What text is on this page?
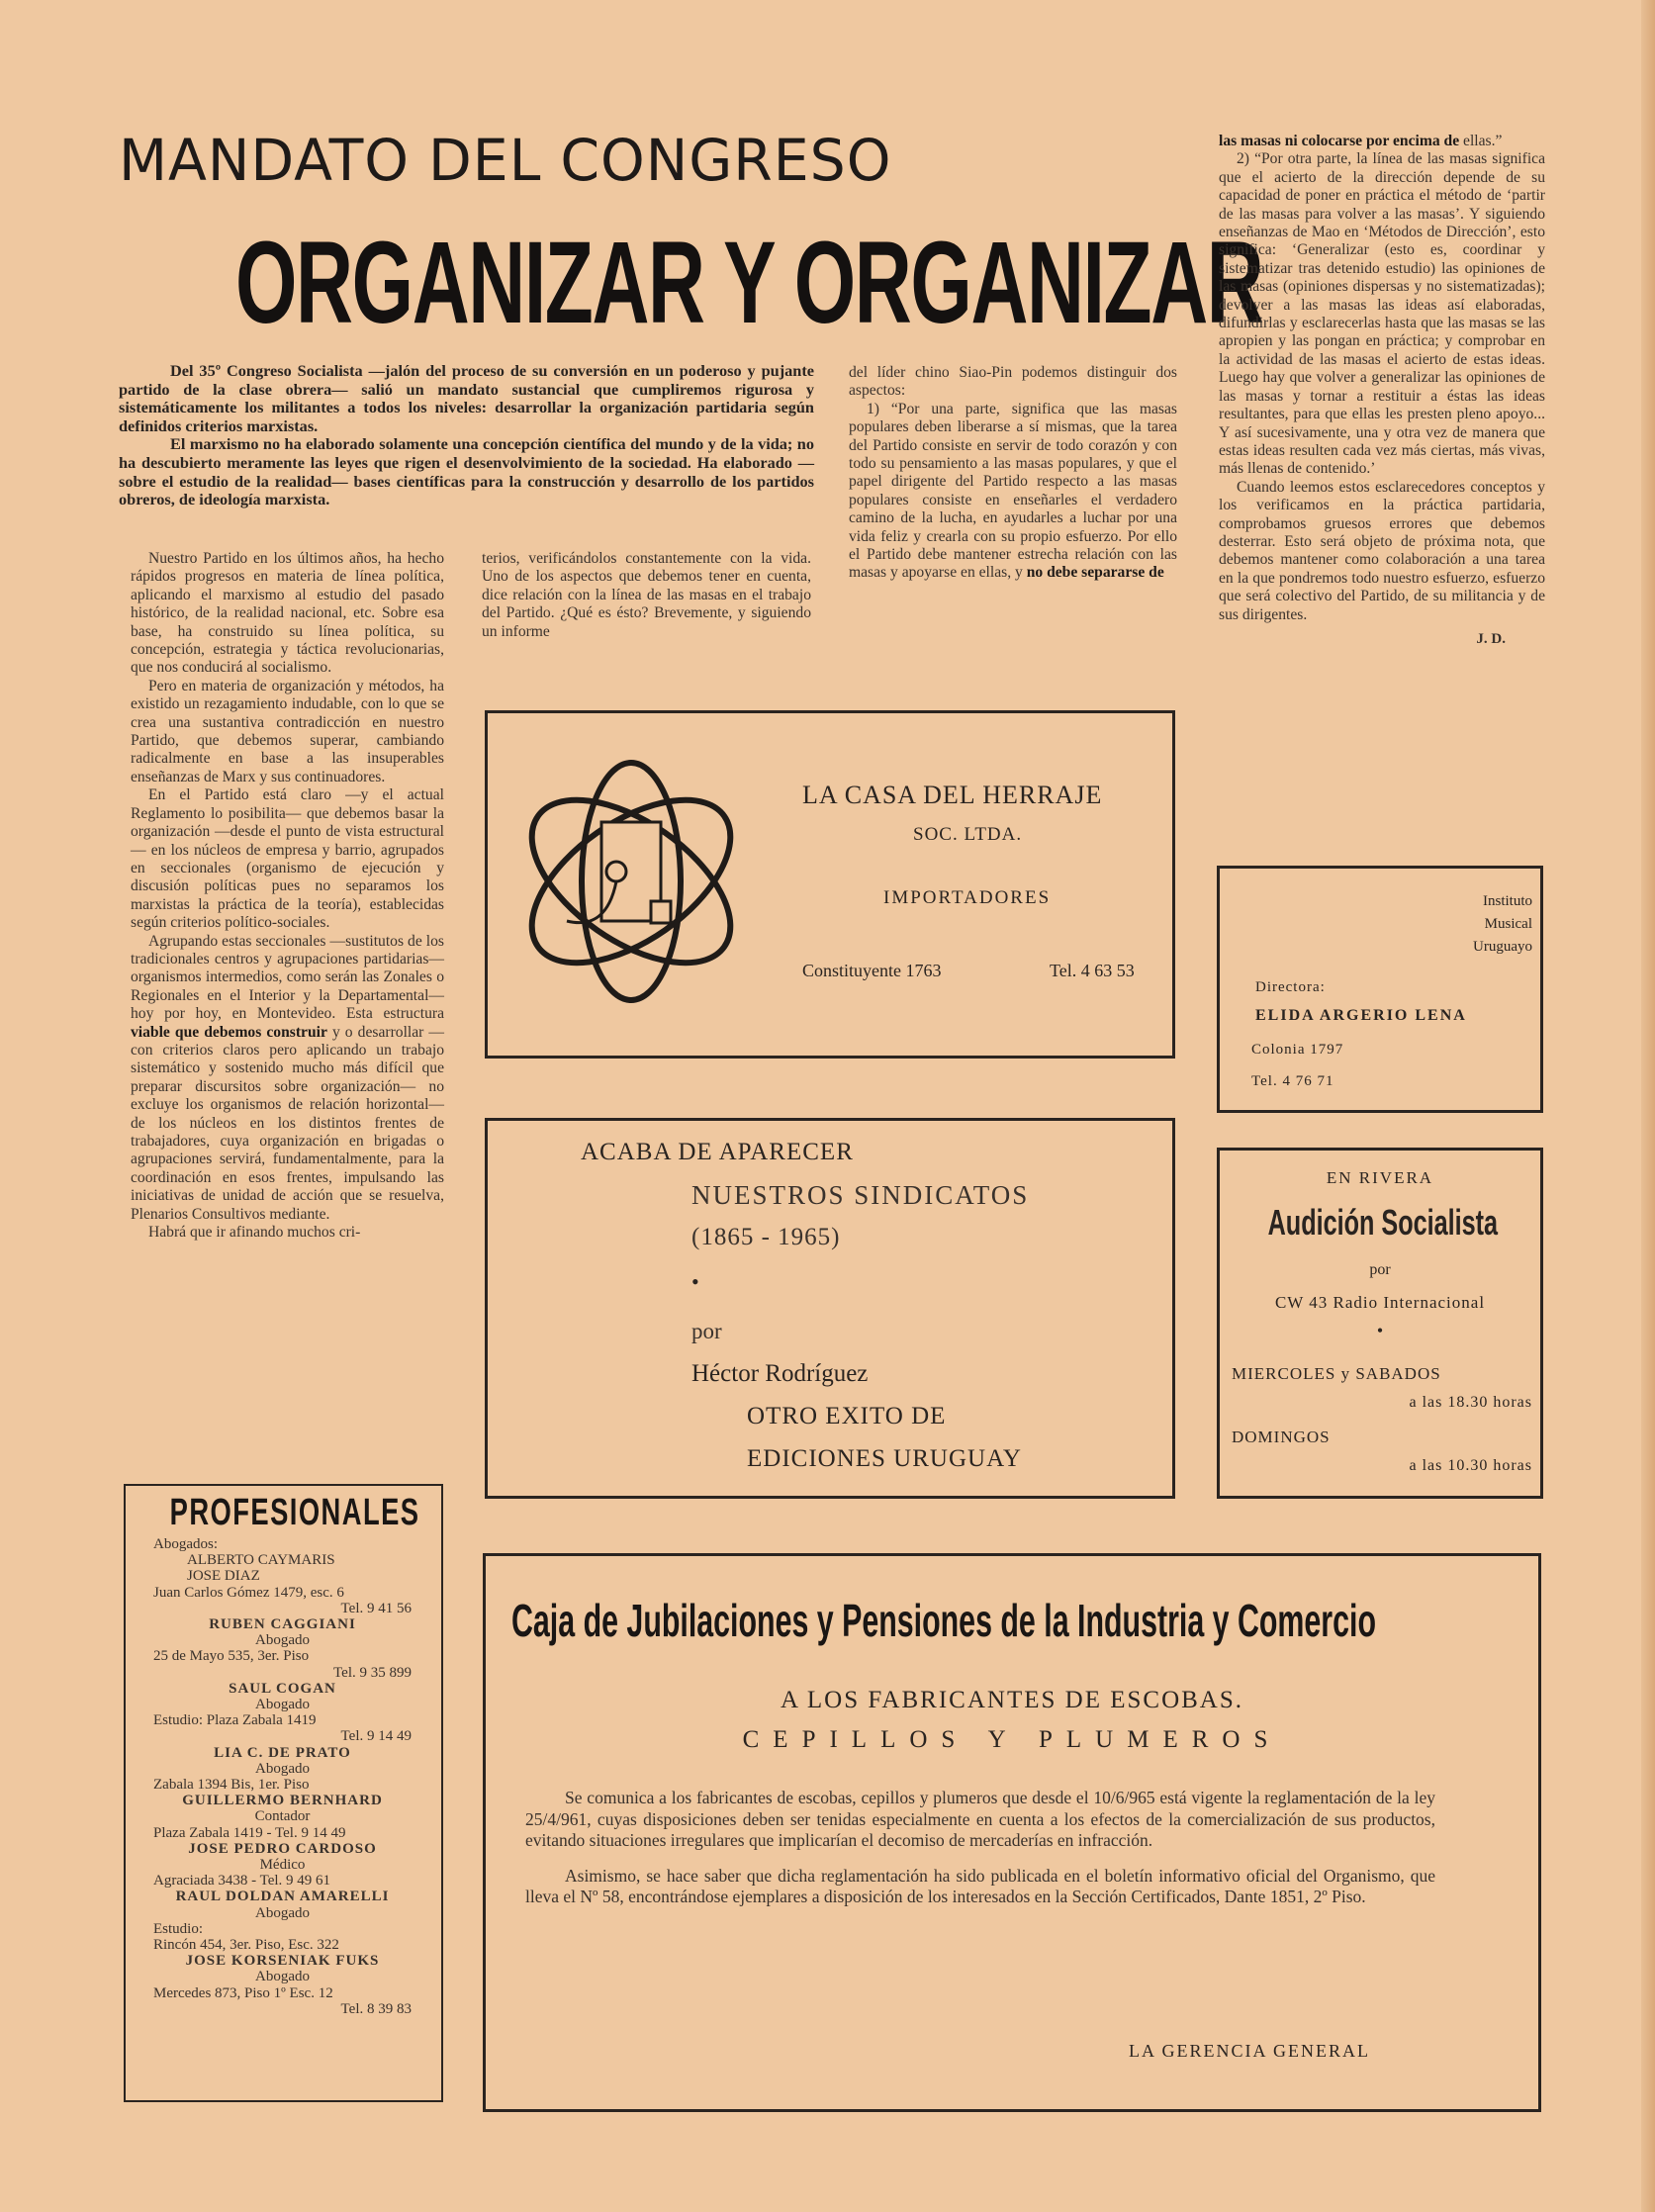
MANDATO DEL CONGRESO
ORGANIZAR Y ORGANIZAR

Del 35º Congreso Socialista —jalón del proceso de su conversión en un poderoso y pujante partido de la clase obrera— salió un mandato sustancial que cumpliremos rigurosa y sistemáticamente los militantes a todos los niveles: desarrollar la organización partidaria según definidos criterios marxistas.

El marxismo no ha elaborado solamente una concepción científica del mundo y de la vida; no ha descubierto meramente las leyes que rigen el desenvolvimiento de la sociedad. Ha elaborado —sobre el estudio de la realidad— bases científicas para la construcción y desarrollo de los partidos obreros, de ideología marxista.

Nuestro Partido en los últimos años, ha hecho rápidos progresos en materia de línea política, aplicando el marxismo al estudio del pasado histórico, de la realidad nacional, etc. Sobre esa base, ha construido su línea política, su concepción, estrategia y táctica revolucionarias, que nos conducirá al socialismo.

Pero en materia de organización y métodos, ha existido un rezagamiento indudable, con lo que se crea una sustantiva contradicción en nuestro Partido, que debemos superar, cambiando radicalmente en base a las insuperables enseñanzas de Marx y sus continuadores.

En el Partido está claro —y el actual Reglamento lo posibilita— que debemos basar la organización —desde el punto de vista estructural— en los núcleos de empresa y barrio, agrupados en seccionales (organismo de ejecución y discusión políticas pues no separamos los marxistas la práctica de la teoría), establecidas según criterios político-sociales.

Agrupando estas seccionales —sustitutos de los tradicionales centros y agrupaciones partidarias— organismos intermedios, como serán las Zonales o Regionales en el Interior y la Departamental— hoy por hoy, en Montevideo. Esta estructura viable que debemos construir y o desarrollar —con criterios claros pero aplicando un trabajo sistemático y sostenido mucho más difícil que preparar discursitos sobre organización— no excluye los organismos de relación horizontal— de los núcleos en los distintos frentes de trabajadores, cuya organización en brigadas o agrupaciones servirá, fundamentalmente, para la coordinación en esos frentes, impulsando las iniciativas de unidad de acción que se resuelva, Plenarios Consultivos mediante.

Habrá que ir afinando muchos cri-

terios, verificándolos constantemente con la vida. Uno de los aspectos que debemos tener en cuenta, dice relación con la línea de las masas en el trabajo del Partido. ¿Qué es ésto? Brevemente, y siguiendo un informe

del líder chino Siao-Pin podemos distinguir dos aspectos:

1) “Por una parte, significa que las masas populares deben liberarse a sí mismas, que la tarea del Partido consiste en servir de todo corazón y con todo su pensamiento a las masas populares, y que el papel dirigente del Partido respecto a las masas populares consiste en enseñarles el verdadero camino de la lucha, en ayudarles a luchar por una vida feliz y crearla con su propio esfuerzo. Por ello el Partido debe mantener estrecha relación con las masas y apoyarse en ellas, y no debe separarse de

las masas ni colocarse por encima de ellas.”

2) “Por otra parte, la línea de las masas significa que el acierto de la dirección depende de su capacidad de poner en práctica el método de ‘partir de las masas para volver a las masas’. Y siguiendo enseñanzas de Mao en ‘Métodos de Dirección’, esto significa: ‘Generalizar (esto es, coordinar y sistematizar tras detenido estudio) las opiniones de las masas (opiniones dispersas y no sistematizadas); devolver a las masas las ideas así elaboradas, difundirlas y esclarecerlas hasta que las masas se las apropien y las pongan en práctica; y comprobar en la actividad de las masas el acierto de estas ideas. Luego hay que volver a generalizar las opiniones de las masas y tornar a restituir a éstas las ideas resultantes, para que ellas les presten pleno apoyo... Y así sucesivamente, una y otra vez de manera que estas ideas resulten cada vez más ciertas, más vivas, más llenas de contenido.’

Cuando leemos estos esclarecedores conceptos y los verificamos en la práctica partidaria, comprobamos gruesos errores que debemos desterrar. Esto será objeto de próxima nota, que debemos mantener como colaboración a una tarea en la que pondremos todo nuestro esfuerzo, esfuerzo que será colectivo del Partido, de su militancia y de sus dirigentes.

J. D.
LA CASA DEL HERRAJE
SOC. LTDA.
IMPORTADORES
Constituyente 1763	Tel. 4 63 53
Instituto
Musical
Uruguayo
Directora:
ELIDA ARGERIO LENA
Colonia 1797
Tel. 4 76 71
ACABA DE APARECER
NUESTROS SINDICATOS
(1865 - 1965)
•
por
Héctor Rodríguez
OTRO EXITO DE
EDICIONES URUGUAY
EN RIVERA
Audición Socialista
por
CW 43 Radio Internacional
•
MIERCOLES y SABADOS
a las 18.30 horas
DOMINGOS
a las 10.30 horas
PROFESIONALES
Abogados:
ALBERTO CAYMARIS
JOSE DIAZ
Juan Carlos Gómez 1479, esc. 6
Tel. 9 41 56
RUBEN CAGGIANI
Abogado
25 de Mayo 535, 3er. Piso
Tel. 9 35 899
SAUL COGAN
Abogado
Estudio: Plaza Zabala 1419
Tel. 9 14 49
LIA C. DE PRATO
Abogado
Zabala 1394 Bis, 1er. Piso
GUILLERMO BERNHARD
Contador
Plaza Zabala 1419 - Tel. 9 14 49
JOSE PEDRO CARDOSO
Médico
Agraciada 3438 - Tel. 9 49 61
RAUL DOLDAN AMARELLI
Abogado
Estudio:
Rincón 454, 3er. Piso, Esc. 322
JOSE KORSENIAK FUKS
Abogado
Mercedes 873, Piso 1º Esc. 12
Tel. 8 39 83
Caja de Jubilaciones y Pensiones de la Industria y Comercio
A LOS FABRICANTES DE ESCOBAS.
CEPILLOS Y PLUMEROS

Se comunica a los fabricantes de escobas, cepillos y plumeros que desde el 10/6/965 está vigente la reglamentación de la ley 25/4/961, cuyas disposiciones deben ser tenidas especialmente en cuenta a los efectos de la comercialización de sus productos, evitando situaciones irregulares que implicarían el decomiso de mercaderías en infracción.

Asimismo, se hace saber que dicha reglamentación ha sido publicada en el boletín informativo oficial del Organismo, que lleva el Nº 58, encontrándose ejemplares a disposición de los interesados en la Sección Certificados, Dante 1851, 2º Piso.

LA GERENCIA GENERAL
